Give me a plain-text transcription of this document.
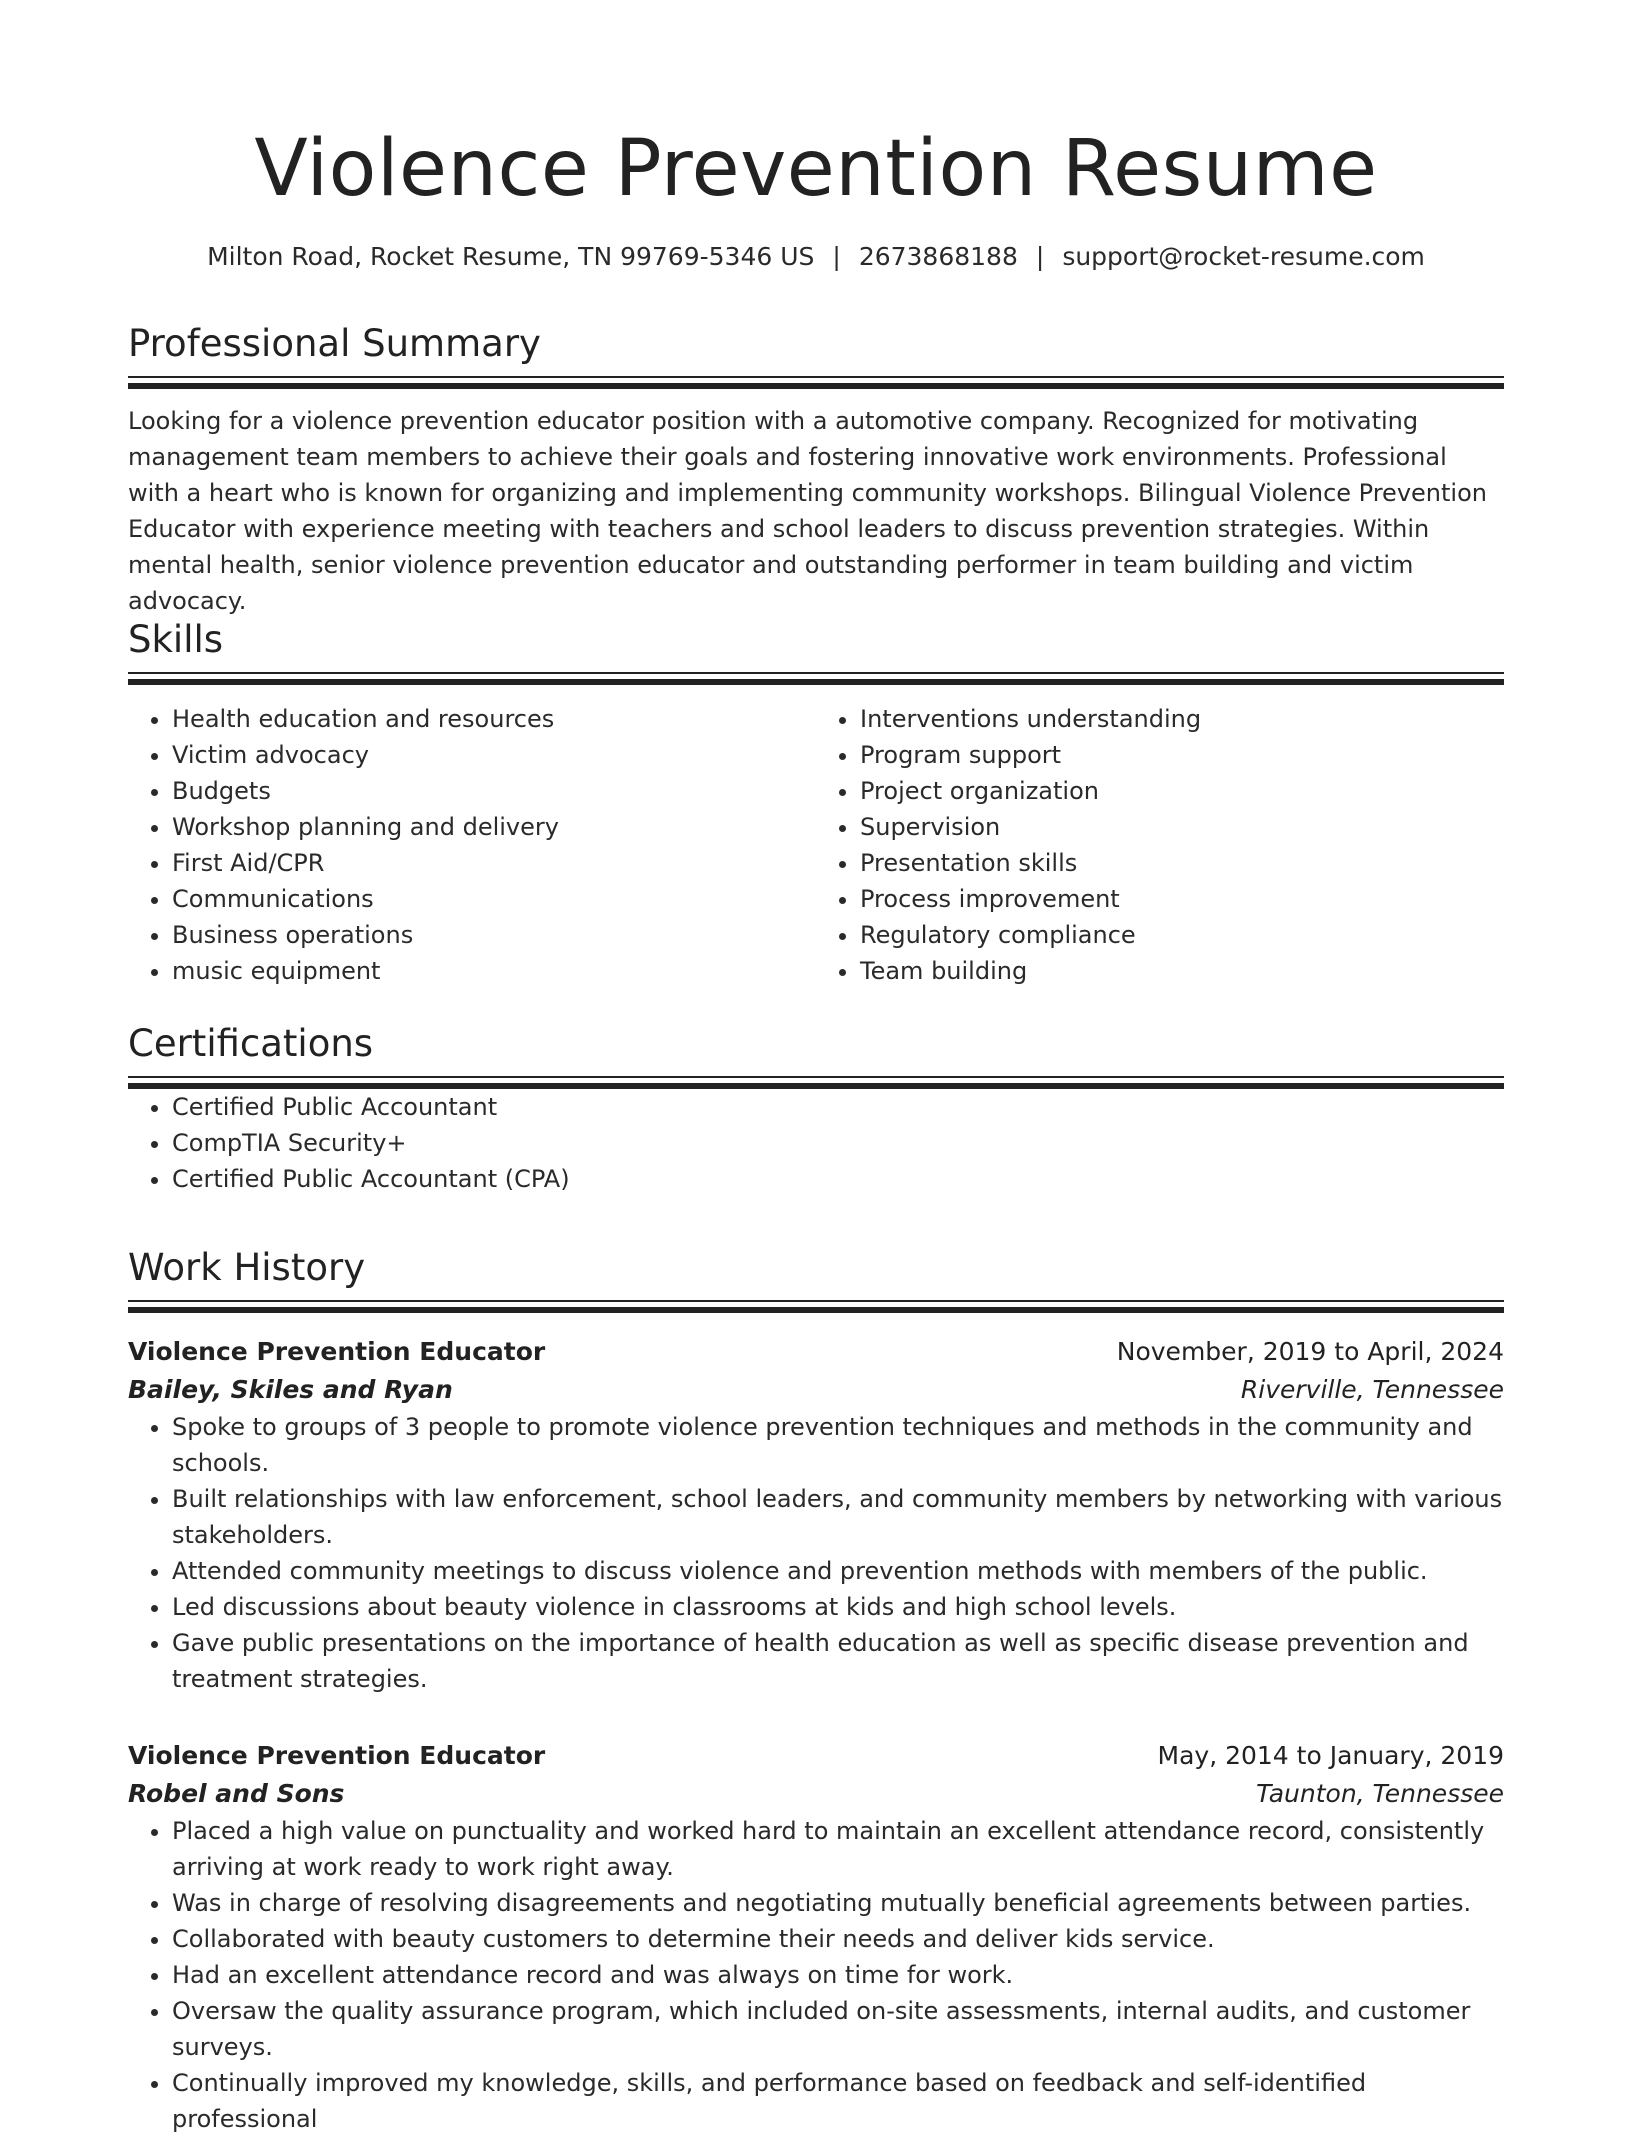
Violence Prevention Resume
Milton Road, Rocket Resume, TN 99769-5346 US | 2673868188 | support@rocket-resume.com
Professional Summary

Looking for a violence prevention educator position with a automotive company. Recognized for motivating management team members to achieve their goals and fostering innovative work environments. Professional with a heart who is known for organizing and implementing community workshops. Bilingual Violence Prevention Educator with experience meeting with teachers and school leaders to discuss prevention strategies. Within mental health, senior violence prevention educator and outstanding performer in team building and victim advocacy.

Skills
• Health education and resources
• Victim advocacy
• Budgets
• Workshop planning and delivery
• First Aid/CPR
• Communications
• Business operations
• music equipment
• Interventions understanding
• Program support
• Project organization
• Supervision
• Presentation skills
• Process improvement
• Regulatory compliance
• Team building
Certifications
• Certified Public Accountant
• CompTIA Security+
• Certified Public Accountant (CPA)
Work History
Violence Prevention Educator	November, 2019 to April, 2024
Bailey, Skiles and Ryan	Riverville, Tennessee
• Spoke to groups of 3 people to promote violence prevention techniques and methods in the community and schools.
• Built relationships with law enforcement, school leaders, and community members by networking with various stakeholders.
• Attended community meetings to discuss violence and prevention methods with members of the public.
• Led discussions about beauty violence in classrooms at kids and high school levels.
• Gave public presentations on the importance of health education as well as specific disease prevention and treatment strategies.
Violence Prevention Educator	May, 2014 to January, 2019
Robel and Sons	Taunton, Tennessee
• Placed a high value on punctuality and worked hard to maintain an excellent attendance record, consistently arriving at work ready to work right away.
• Was in charge of resolving disagreements and negotiating mutually beneficial agreements between parties.
• Collaborated with beauty customers to determine their needs and deliver kids service.
• Had an excellent attendance record and was always on time for work.
• Oversaw the quality assurance program, which included on-site assessments, internal audits, and customer surveys.
• Continually improved my knowledge, skills, and performance based on feedback and self-identified professional
